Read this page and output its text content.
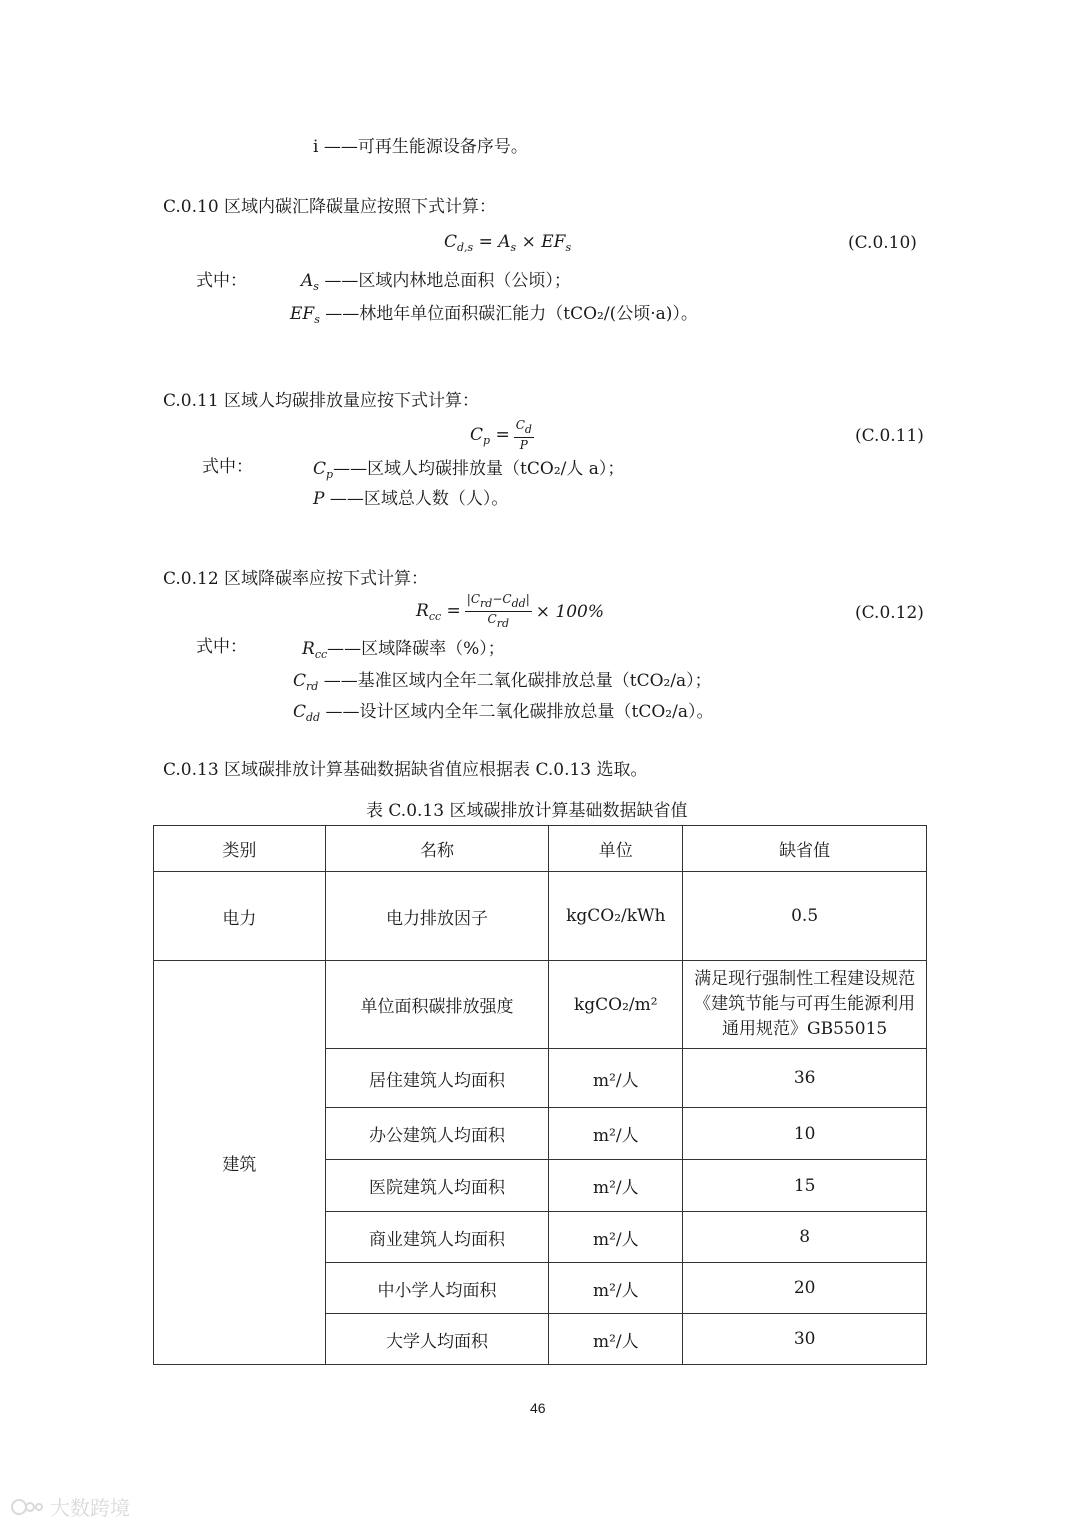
i ——可再生能源设备序号。
C.0.10 区域内碳汇降碳量应按照下式计算：
$C_{d,s} = A_s \times EF_s$	(C.0.10)
式中：	$A_s$ ——区域内林地总面积（公顷）；
$EF_s$ ——林地年单位面积碳汇能力（tCO₂/(公顷·a)）。
C.0.11 区域人均碳排放量应按下式计算：
$C_p = \frac{Cd}{P}$	(C.0.11)
式中：	$C_p——$区域人均碳排放量（tCO₂/人 a）；
P ——区域总人数（人）。
C.0.12 区域降碳率应按下式计算：
$R_{cc} = \frac{\text{|Crd−Cdd|}}{\text{Crd}} \times 100\%$	(C.0.12)
式中：	$R_{cc}——$区域降碳率（%）；
$C_{rd}$ ——基准区域内全年二氧化碳排放总量（tCO₂/a）；
$C_{dd}$ ——设计区域内全年二氧化碳排放总量（tCO₂/a）。
C.0.13 区域碳排放计算基础数据缺省值应根据表 C.0.13 选取。
表 C.0.13 区域碳排放计算基础数据缺省值
类别	名称	单位	缺省值
电力	电力排放因子	kgCO₂/kWh	0.5
建筑	单位面积碳排放强度	kgCO₂/m²	满足现行强制性工程建设规范《建筑节能与可再生能源利用通用规范》GB55015
	居住建筑人均面积	m²/人	36
	办公建筑人均面积	m²/人	10
	医院建筑人均面积	m²/人	15
	商业建筑人均面积	m²/人	8
	中小学人均面积	m²/人	20
	大学人均面积	m²/人	30
46
大数跨境
